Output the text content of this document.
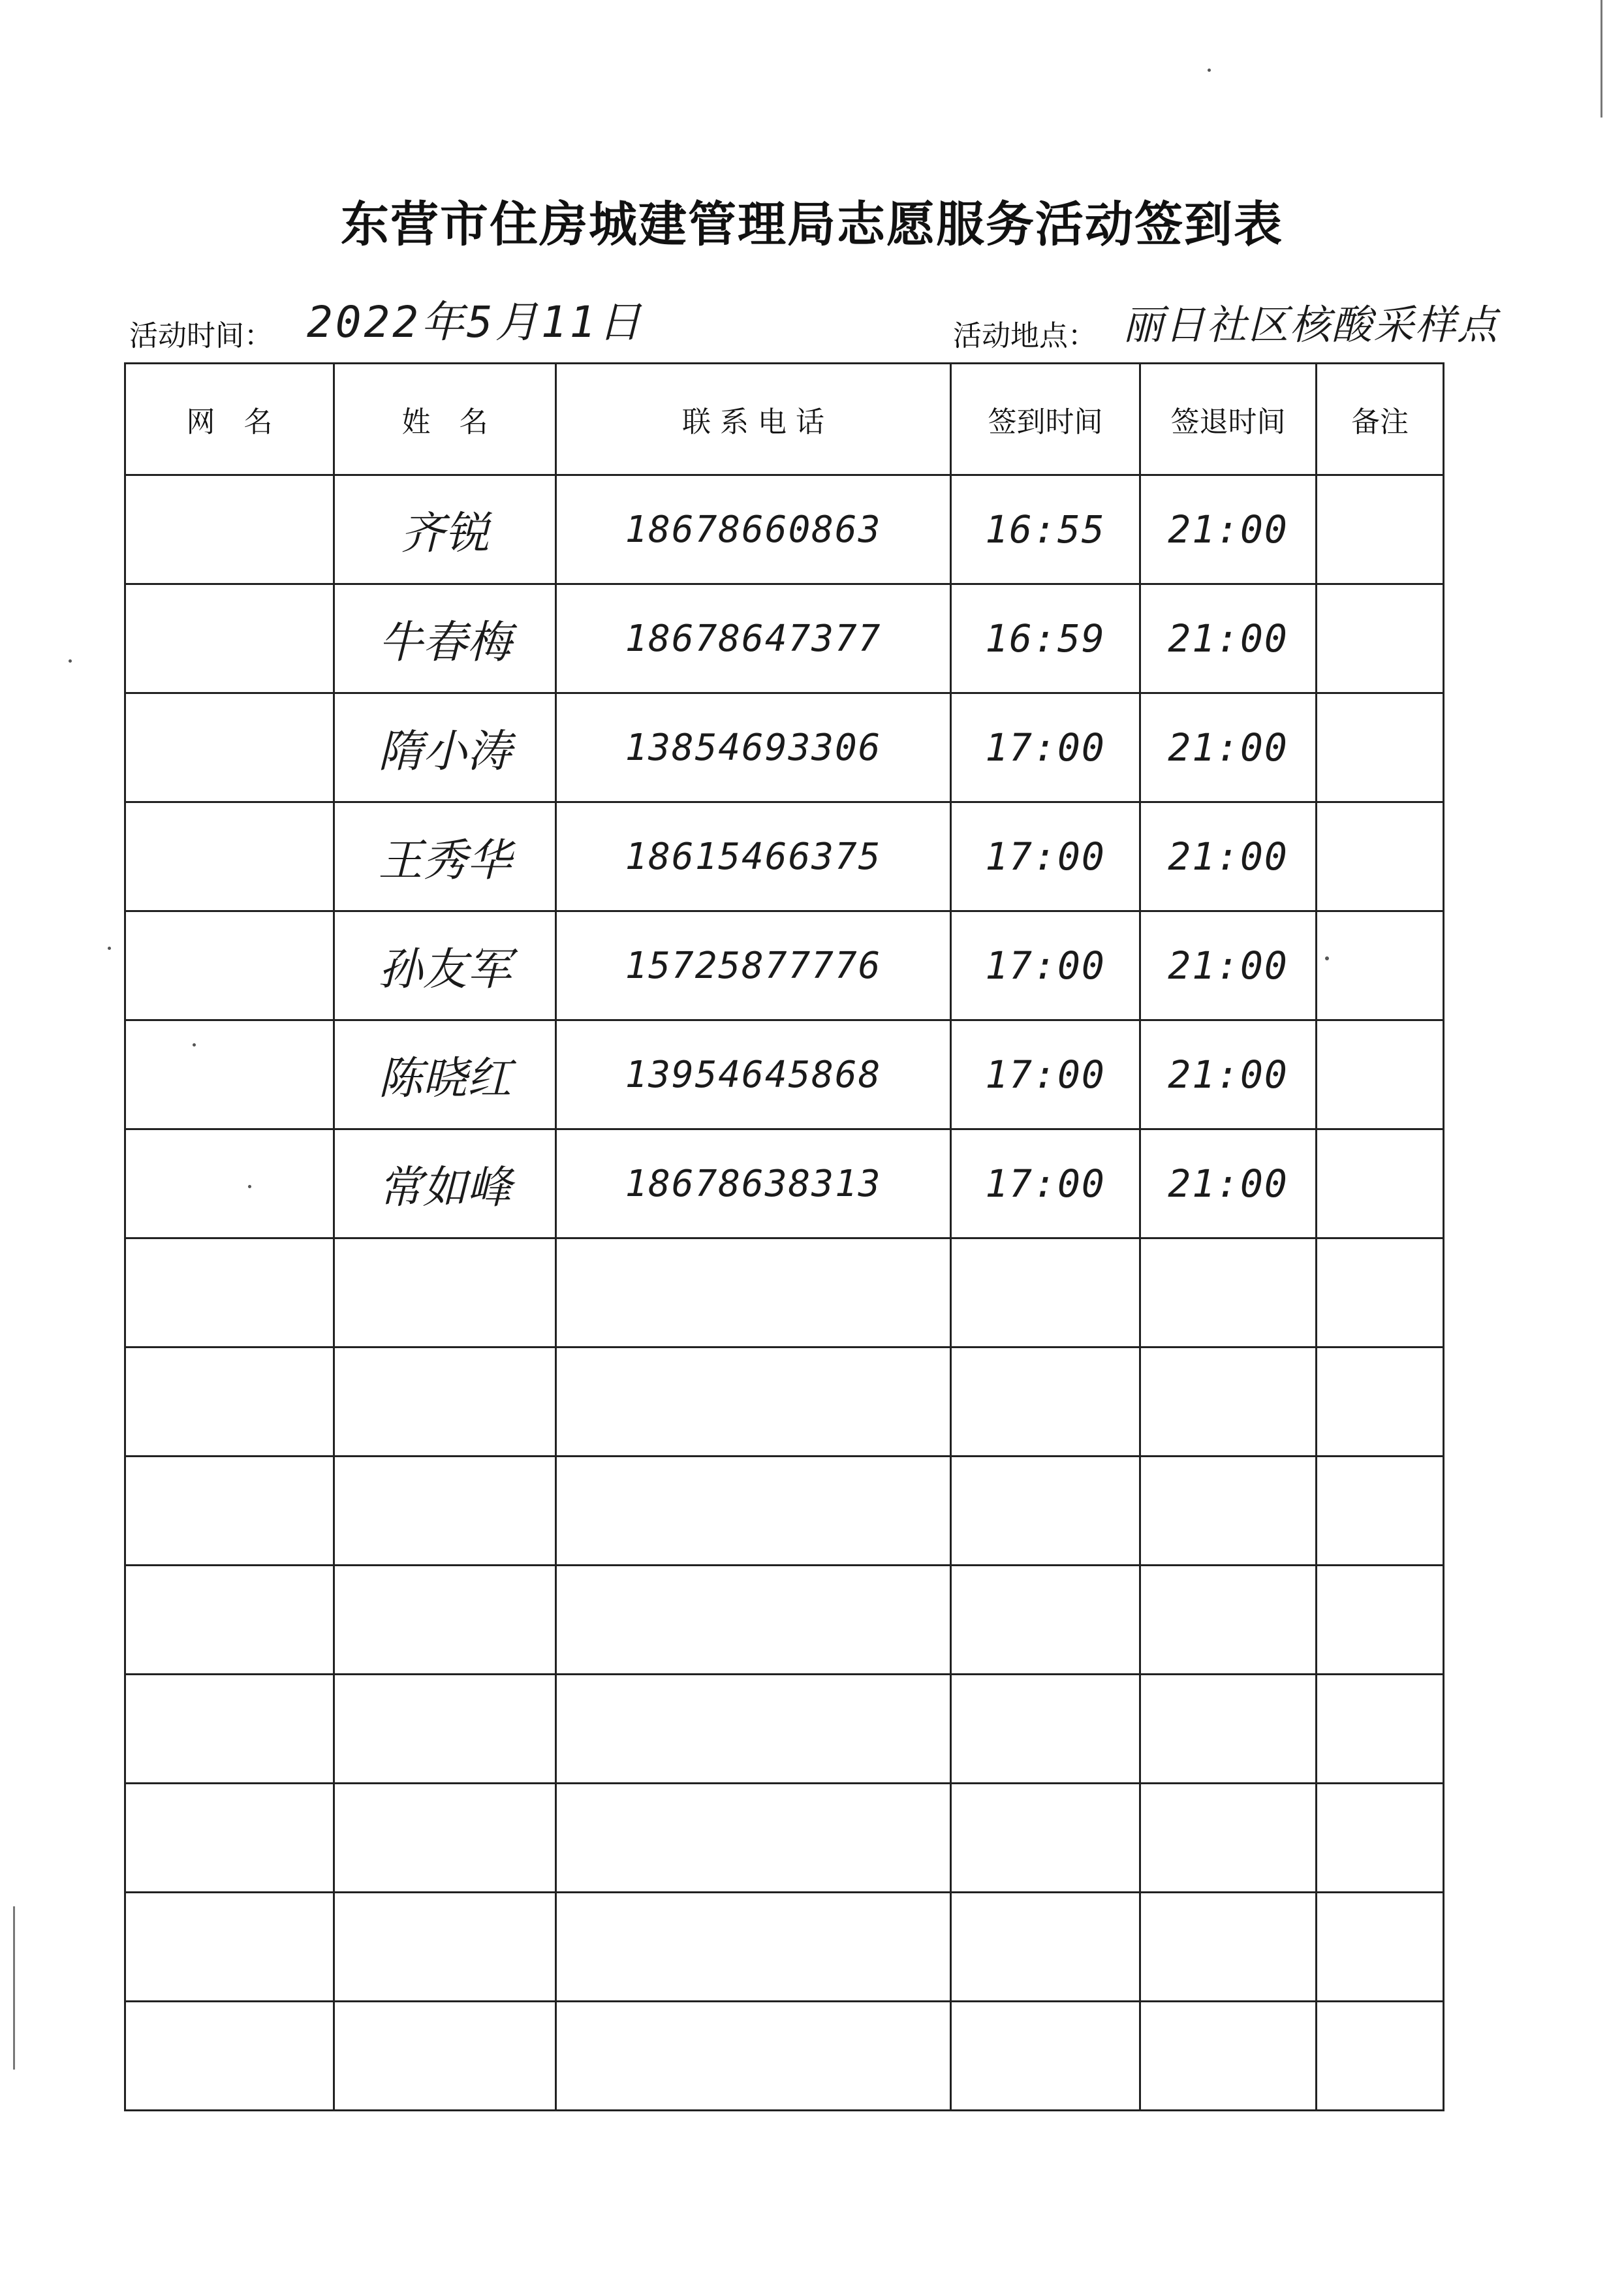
东营市住房城建管理局志愿服务活动签到表
活动时间： 2022年5月11日	活动地点： 丽日社区核酸采样点
网　名	姓　名	联 系 电 话	签到时间	签退时间	备注
	齐锐	18678660863	16:55	21:00	
	牛春梅	18678647377	16:59	21:00	
	隋小涛	13854693306	17:00	21:00	
	王秀华	18615466375	17:00	21:00	
	孙友军	15725877776	17:00	21:00	
	陈晓红	13954645868	17:00	21:00	
	常如峰	18678638313	17:00	21:00	
